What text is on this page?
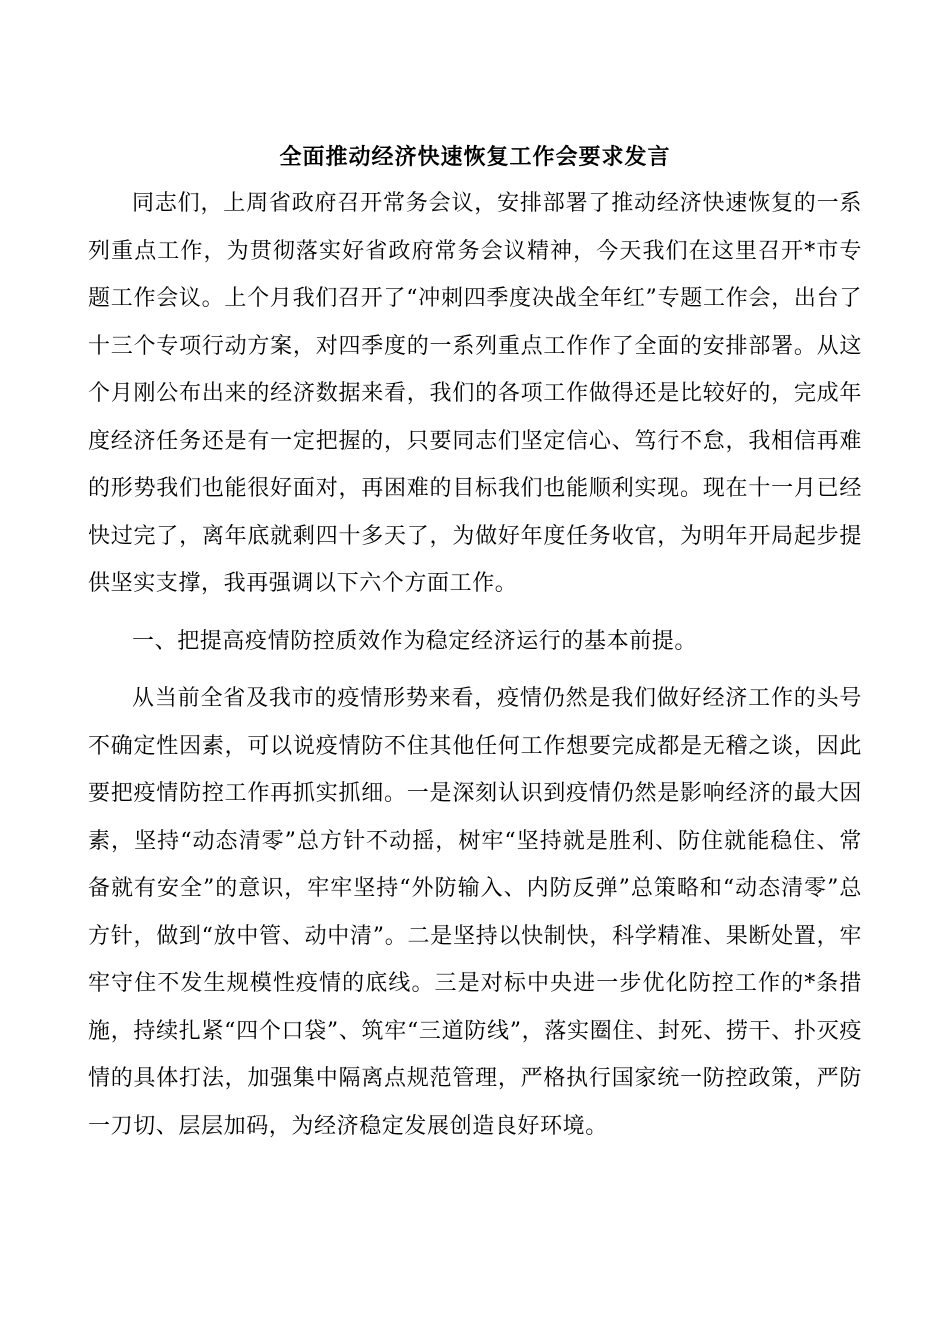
全面推动经济快速恢复工作会要求发言

同志们，上周省政府召开常务会议，安排部署了推动经济快速恢复的一系列重点工作，为贯彻落实好省政府常务会议精神，今天我们在这里召开*市专题工作会议。上个月我们召开了“冲刺四季度决战全年红”专题工作会，出台了十三个专项行动方案，对四季度的一系列重点工作作了全面的安排部署。从这个月刚公布出来的经济数据来看，我们的各项工作做得还是比较好的，完成年度经济任务还是有一定把握的，只要同志们坚定信心、笃行不怠，我相信再难的形势我们也能很好面对，再困难的目标我们也能顺利实现。现在十一月已经快过完了，离年底就剩四十多天了，为做好年度任务收官，为明年开局起步提供坚实支撑，我再强调以下六个方面工作。

一、把提高疫情防控质效作为稳定经济运行的基本前提。

从当前全省及我市的疫情形势来看，疫情仍然是我们做好经济工作的头号不确定性因素，可以说疫情防不住其他任何工作想要完成都是无稽之谈，因此要把疫情防控工作再抓实抓细。一是深刻认识到疫情仍然是影响经济的最大因素，坚持“动态清零”总方针不动摇，树牢“坚持就是胜利、防住就能稳住、常备就有安全”的意识，牢牢坚持“外防输入、内防反弹”总策略和“动态清零”总方针，做到“放中管、动中清”。二是坚持以快制快，科学精准、果断处置，牢牢守住不发生规模性疫情的底线。三是对标中央进一步优化防控工作的*条措施，持续扎紧“四个口袋”、筑牢“三道防线”，落实圈住、封死、捞干、扑灭疫情的具体打法，加强集中隔离点规范管理，严格执行国家统一防控政策，严防一刀切、层层加码，为经济稳定发展创造良好环境。
